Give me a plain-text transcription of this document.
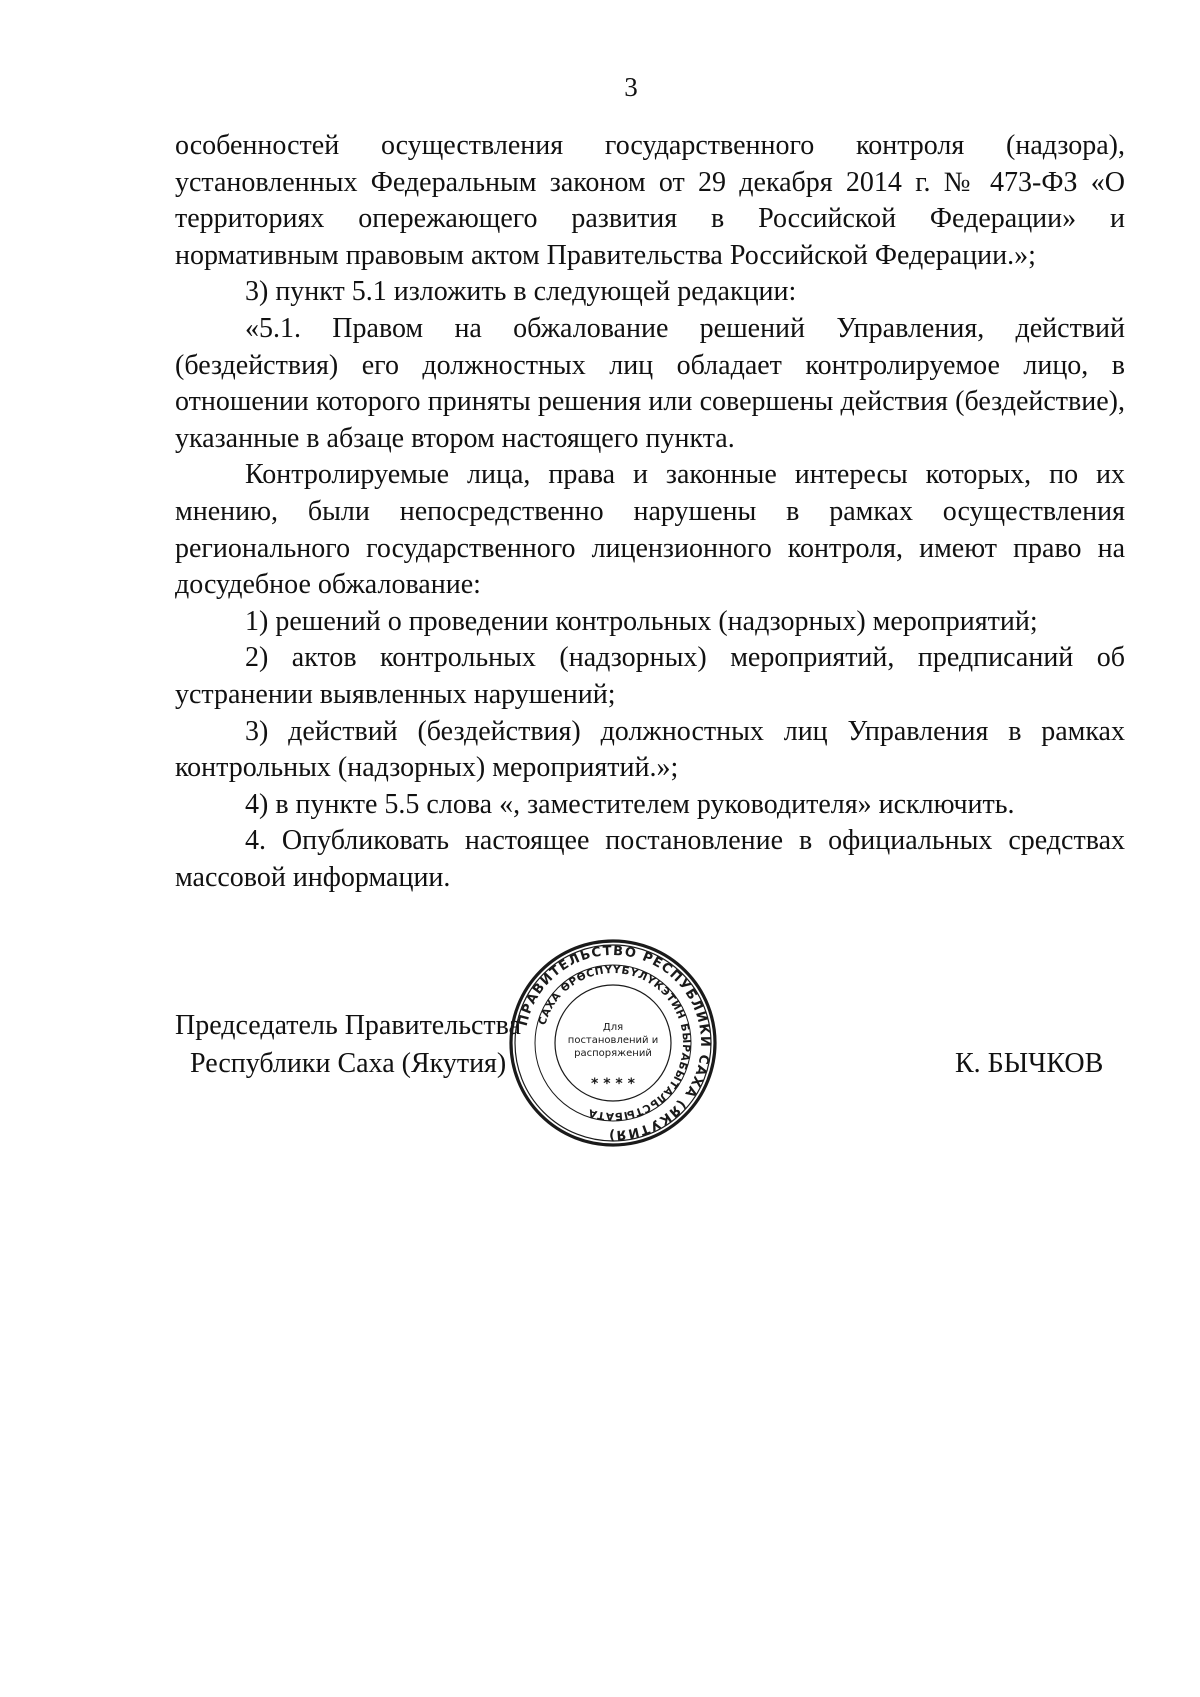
3

особенностей осуществления государственного контроля (надзора), установленных Федеральным законом от 29 декабря 2014 г. № 473-ФЗ «О территориях опережающего развития в Российской Федерации» и нормативным правовым актом Правительства Российской Федерации.»;

3) пункт 5.1 изложить в следующей редакции:

«5.1. Правом на обжалование решений Управления, действий (бездействия) его должностных лиц обладает контролируемое лицо, в отношении которого приняты решения или совершены действия (бездействие), указанные в абзаце втором настоящего пункта.

Контролируемые лица, права и законные интересы которых, по их мнению, были непосредственно нарушены в рамках осуществления регионального государственного лицензионного контроля, имеют право на досудебное обжалование:

1) решений о проведении контрольных (надзорных) мероприятий;

2) актов контрольных (надзорных) мероприятий, предписаний об устранении выявленных нарушений;

3) действий (бездействия) должностных лиц Управления в рамках контрольных (надзорных) мероприятий.»;

4) в пункте 5.5 слова «, заместителем руководителя» исключить.

4. Опубликовать настоящее постановление в официальных средствах массовой информации.

Председатель Правительства
Республики Саха (Якутия)	К. БЫЧКОВ
ПРАВИТЕЛЬСТВО РЕСПУБЛИКИ САХА (ЯКУТИЯ)
САХА ӨРӨСПҮҮБҮЛҮКЭТИН БЫРАБЫТАЛЬСТЫБАТА
Для
постановлений и
распоряжений
* * * *
